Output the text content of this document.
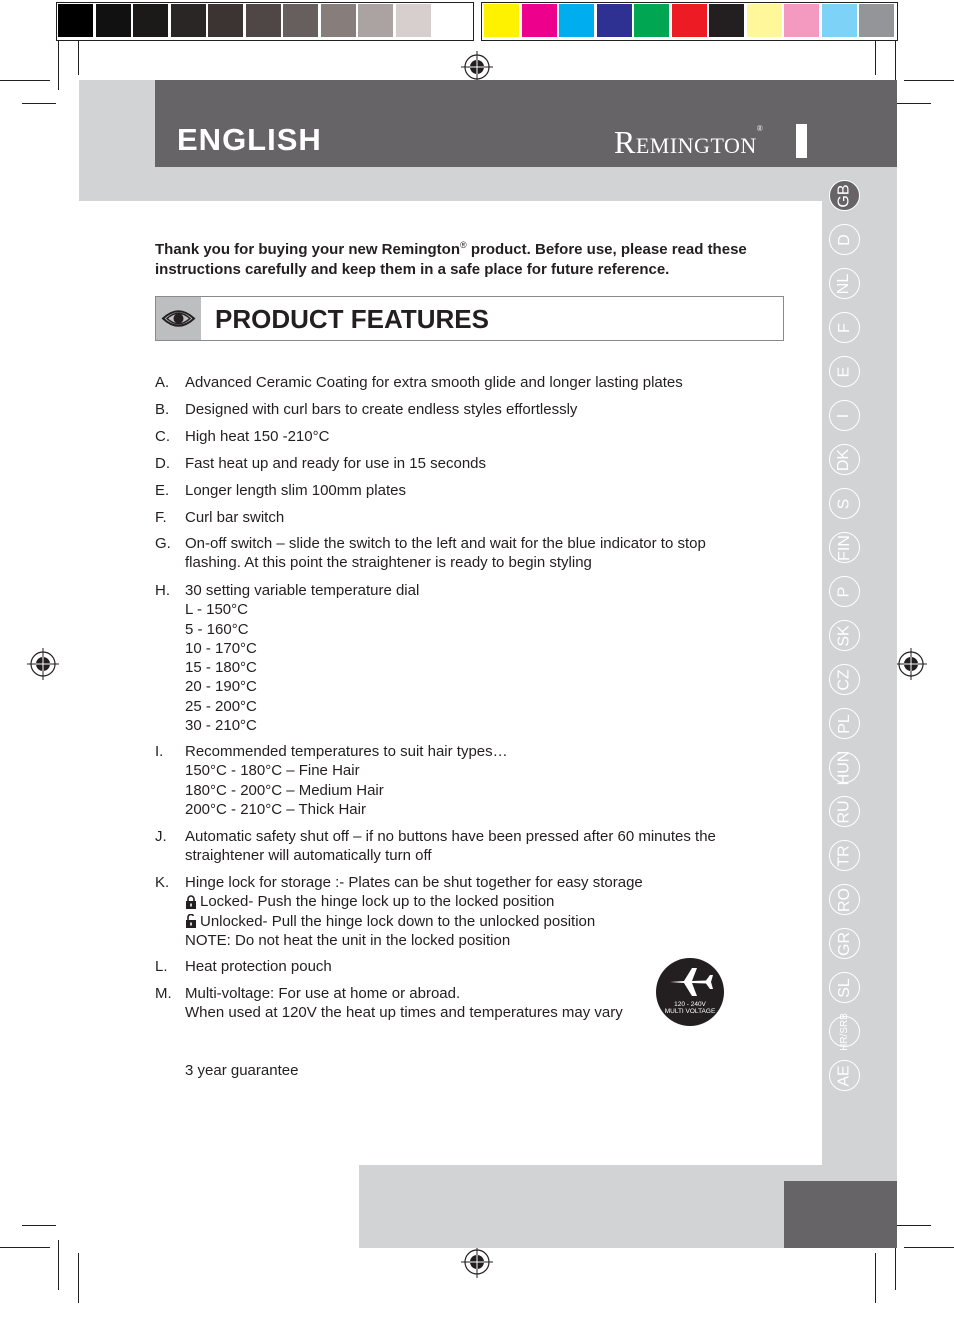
ENGLISH	Remington®
GB
D
NL
F
E
I
DK
S
FIN
P
SK
CZ
PL
HUN
RU
TR
RO
GR
SL
HR/SRB
AE
Thank you for buying your new Remington® product. Before use, please read these instructions carefully and keep them in a safe place for future reference.
PRODUCT FEATURES
A. Advanced Ceramic Coating for extra smooth glide and longer lasting plates
B. Designed with curl bars to create endless styles effortlessly
C. High heat 150 -210°C
D. Fast heat up and ready for use in 15 seconds
E. Longer length slim 100mm plates
F. Curl bar switch
G. On-off switch – slide the switch to the left and wait for the blue indicator to stop flashing. At this point the straightener is ready to begin styling
H. 30 setting variable temperature dial
L - 150°C
5 - 160°C
10 - 170°C
15 - 180°C
20 - 190°C
25 - 200°C
30 - 210°C
I. Recommended temperatures to suit hair types…
150°C - 180°C – Fine Hair
180°C - 200°C – Medium Hair
200°C - 210°C – Thick Hair
J. Automatic safety shut off – if no buttons have been pressed after 60 minutes the straightener will automatically turn off
K. Hinge lock for storage :- Plates can be shut together for easy storage
Locked- Push the hinge lock up to the locked position
Unlocked- Pull the hinge lock down to the unlocked position
NOTE: Do not heat the unit in the locked position
L. Heat protection pouch
M. Multi-voltage: For use at home or abroad.
When used at 120V the heat up times and temperatures may vary
3 year guarantee
120 - 240V
MULTI VOLTAGE
